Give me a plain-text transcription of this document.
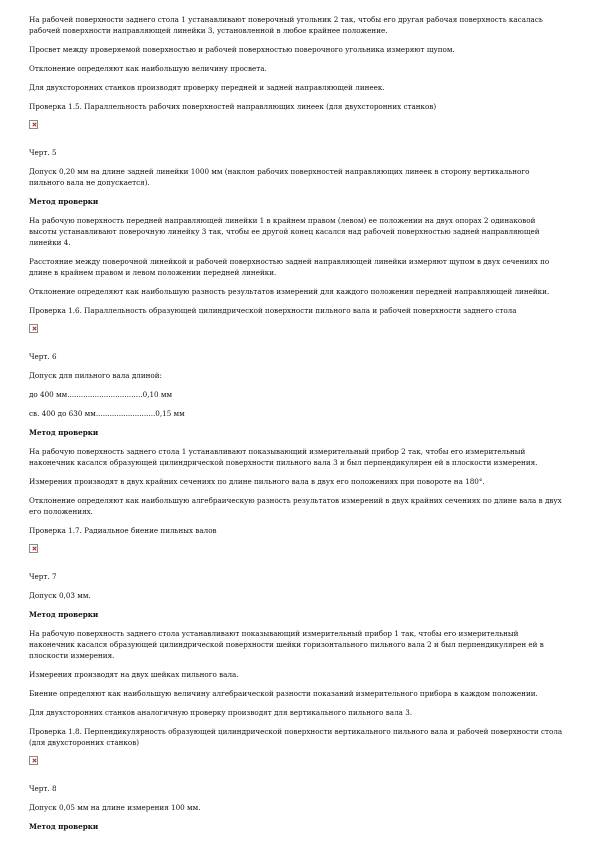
На рабочей поверхности заднего стола 1 устанавливают поверочный угольник 2 так, чтобы его другая рабочая поверхность касалась рабочей поверхности направляющей линейки 3, установленной в любое крайнее положение.

Просвет между проверяемой поверхностью и рабочей поверхностью поверочного угольника измеряют щупом.

Отклонение определяют как наибольшую величину просвета.

Для двухсторонних станков производят проверку передней и задней направляющей линеек.

Проверка 1.5. Параллельность рабочих поверхностей направляющих линеек (для двухсторонних станков)

Черт. 5

Допуск 0,20 мм на длине задней линейки 1000 мм (наклон рабочих поверхностей направляющих линеек в сторону вертикального пильного вала не допускается).

Метод проверки

На рабочую поверхность передней направляющей линейки 1 в крайнем правом (левом) ее положении на двух опорах 2 одинаковой высоты устанавливают поверочную линейку 3 так, чтобы ее другой конец касался над рабочей поверхностью задней направляющей линейки 4.

Расстояние между поверочной линейкой и рабочей поверхностью задней направляющей линейки измеряют щупом в двух сечениях по длине в крайнем правом и левом положении передней линейки.

Отклонение определяют как наибольшую разность результатов измерений для каждого положения передней направляющей линейки.

Проверка 1.6. Параллельность образующей цилиндрической поверхности пильного вала и рабочей поверхности заднего стола

Черт. 6

Допуск для пильного вала длиной:

до 400 мм.................................0,10 мм

св. 400 до 630 мм..........................0,15 мм

Метод проверки

На рабочую поверхность заднего стола 1 устанавливают показывающий измерительный прибор 2 так, чтобы его измерительный наконечник касался образующей цилиндрической поверхности пильного вала 3 и был перпендикулярен ей в плоскости измерения.

Измерения производят в двух крайних сечениях по длине пильного вала в двух его положениях при повороте на 180°.

Отклонение определяют как наибольшую алгебраическую разность результатов измерений в двух крайних сечениях по длине вала в двух его положениях.

Проверка 1.7. Радиальное биение пильных валов

Черт. 7

Допуск 0,03 мм.

Метод проверки

На рабочую поверхность заднего стола устанавливают показывающий измерительный прибор 1 так, чтобы его измерительный наконечник касался образующей цилиндрической поверхности шейки горизонтального пильного вала 2 и был перпендикулярен ей в плоскости измерения.

Измерения производят на двух шейках пильного вала.

Биение определяют как наибольшую величину алгебраической разности показаний измерительного прибора в каждом положении.

Для двухсторонних станков аналогичную проверку производят для вертикального пильного вала 3.

Проверка 1.8. Перпендикулярность образующей цилиндрической поверхности вертикального пильного вала и рабочей поверхности стола (для двухсторонних станков)

Черт. 8

Допуск 0,05 мм на длине измерения 100 мм.

Метод проверки
